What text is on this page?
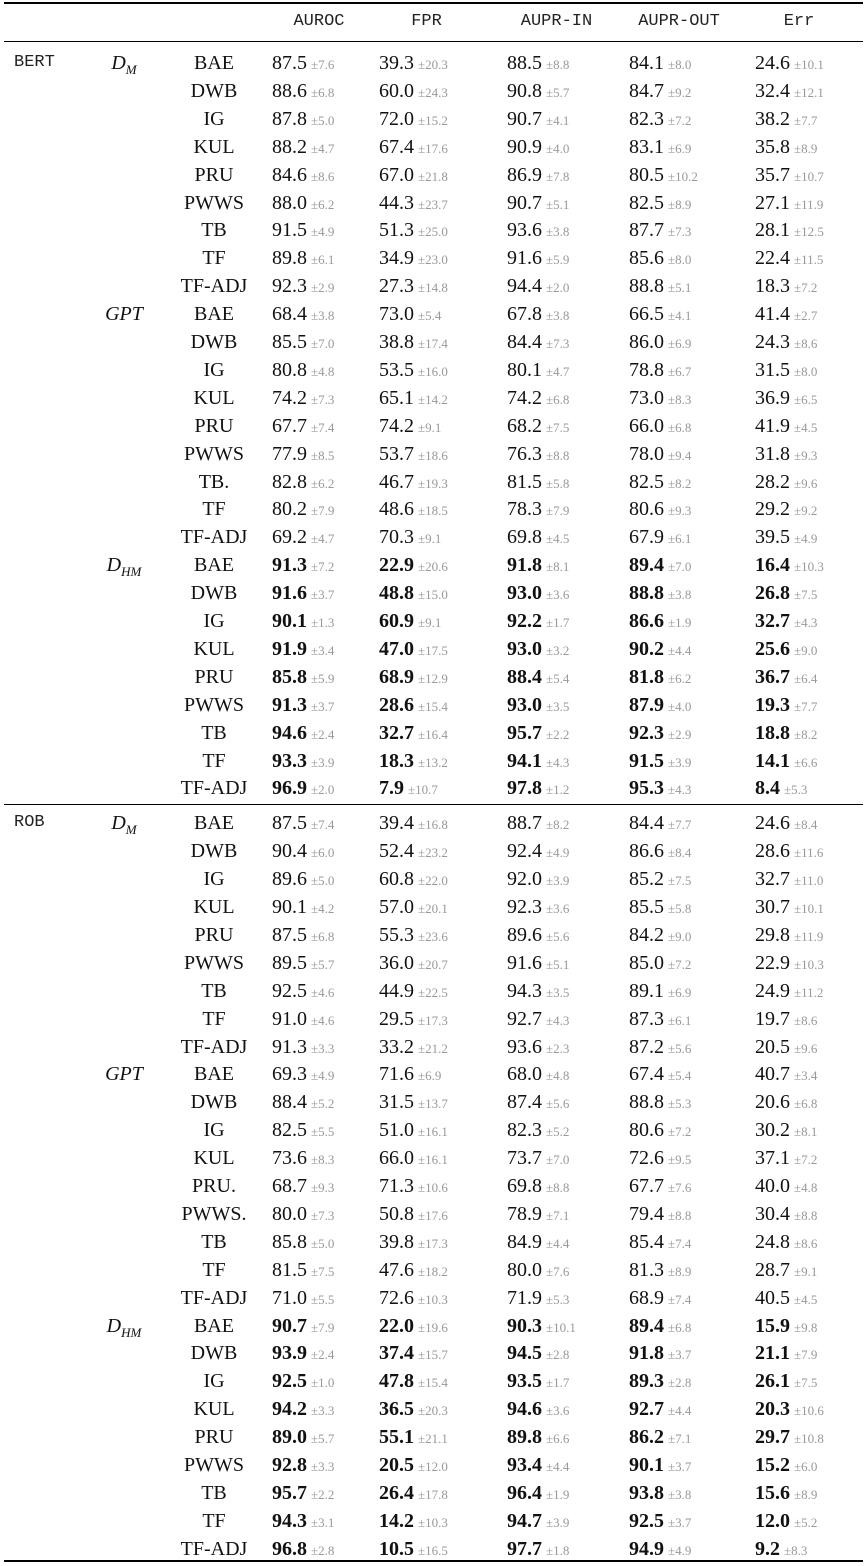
AUROC	FPR	AUPR-IN	AUPR-OUT	Err
BERT	$D_M$	BAE	87.5 ±7.6	39.3 ±20.3	88.5 ±8.8	84.1 ±8.0	24.6 ±10.1
DWB	88.6 ±6.8	60.0 ±24.3	90.8 ±5.7	84.7 ±9.2	32.4 ±12.1
IG	87.8 ±5.0	72.0 ±15.2	90.7 ±4.1	82.3 ±7.2	38.2 ±7.7
KUL	88.2 ±4.7	67.4 ±17.6	90.9 ±4.0	83.1 ±6.9	35.8 ±8.9
PRU	84.6 ±8.6	67.0 ±21.8	86.9 ±7.8	80.5 ±10.2	35.7 ±10.7
PWWS	88.0 ±6.2	44.3 ±23.7	90.7 ±5.1	82.5 ±8.9	27.1 ±11.9
TB	91.5 ±4.9	51.3 ±25.0	93.6 ±3.8	87.7 ±7.3	28.1 ±12.5
TF	89.8 ±6.1	34.9 ±23.0	91.6 ±5.9	85.6 ±8.0	22.4 ±11.5
TF-ADJ	92.3 ±2.9	27.3 ±14.8	94.4 ±2.0	88.8 ±5.1	18.3 ±7.2
GPT	BAE	68.4 ±3.8	73.0 ±5.4	67.8 ±3.8	66.5 ±4.1	41.4 ±2.7
DWB	85.5 ±7.0	38.8 ±17.4	84.4 ±7.3	86.0 ±6.9	24.3 ±8.6
IG	80.8 ±4.8	53.5 ±16.0	80.1 ±4.7	78.8 ±6.7	31.5 ±8.0
KUL	74.2 ±7.3	65.1 ±14.2	74.2 ±6.8	73.0 ±8.3	36.9 ±6.5
PRU	67.7 ±7.4	74.2 ±9.1	68.2 ±7.5	66.0 ±6.8	41.9 ±4.5
PWWS	77.9 ±8.5	53.7 ±18.6	76.3 ±8.8	78.0 ±9.4	31.8 ±9.3
TB.	82.8 ±6.2	46.7 ±19.3	81.5 ±5.8	82.5 ±8.2	28.2 ±9.6
TF	80.2 ±7.9	48.6 ±18.5	78.3 ±7.9	80.6 ±9.3	29.2 ±9.2
TF-ADJ	69.2 ±4.7	70.3 ±9.1	69.8 ±4.5	67.9 ±6.1	39.5 ±4.9
$D_{HM}$	BAE	91.3 ±7.2	22.9 ±20.6	91.8 ±8.1	89.4 ±7.0	16.4 ±10.3
DWB	91.6 ±3.7	48.8 ±15.0	93.0 ±3.6	88.8 ±3.8	26.8 ±7.5
IG	90.1 ±1.3	60.9 ±9.1	92.2 ±1.7	86.6 ±1.9	32.7 ±4.3
KUL	91.9 ±3.4	47.0 ±17.5	93.0 ±3.2	90.2 ±4.4	25.6 ±9.0
PRU	85.8 ±5.9	68.9 ±12.9	88.4 ±5.4	81.8 ±6.2	36.7 ±6.4
PWWS	91.3 ±3.7	28.6 ±15.4	93.0 ±3.5	87.9 ±4.0	19.3 ±7.7
TB	94.6 ±2.4	32.7 ±16.4	95.7 ±2.2	92.3 ±2.9	18.8 ±8.2
TF	93.3 ±3.9	18.3 ±13.2	94.1 ±4.3	91.5 ±3.9	14.1 ±6.6
TF-ADJ	96.9 ±2.0	7.9 ±10.7	97.8 ±1.2	95.3 ±4.3	8.4 ±5.3
ROB	$D_M$	BAE	87.5 ±7.4	39.4 ±16.8	88.7 ±8.2	84.4 ±7.7	24.6 ±8.4
DWB	90.4 ±6.0	52.4 ±23.2	92.4 ±4.9	86.6 ±8.4	28.6 ±11.6
IG	89.6 ±5.0	60.8 ±22.0	92.0 ±3.9	85.2 ±7.5	32.7 ±11.0
KUL	90.1 ±4.2	57.0 ±20.1	92.3 ±3.6	85.5 ±5.8	30.7 ±10.1
PRU	87.5 ±6.8	55.3 ±23.6	89.6 ±5.6	84.2 ±9.0	29.8 ±11.9
PWWS	89.5 ±5.7	36.0 ±20.7	91.6 ±5.1	85.0 ±7.2	22.9 ±10.3
TB	92.5 ±4.6	44.9 ±22.5	94.3 ±3.5	89.1 ±6.9	24.9 ±11.2
TF	91.0 ±4.6	29.5 ±17.3	92.7 ±4.3	87.3 ±6.1	19.7 ±8.6
TF-ADJ	91.3 ±3.3	33.2 ±21.2	93.6 ±2.3	87.2 ±5.6	20.5 ±9.6
GPT	BAE	69.3 ±4.9	71.6 ±6.9	68.0 ±4.8	67.4 ±5.4	40.7 ±3.4
DWB	88.4 ±5.2	31.5 ±13.7	87.4 ±5.6	88.8 ±5.3	20.6 ±6.8
IG	82.5 ±5.5	51.0 ±16.1	82.3 ±5.2	80.6 ±7.2	30.2 ±8.1
KUL	73.6 ±8.3	66.0 ±16.1	73.7 ±7.0	72.6 ±9.5	37.1 ±7.2
PRU.	68.7 ±9.3	71.3 ±10.6	69.8 ±8.8	67.7 ±7.6	40.0 ±4.8
PWWS.	80.0 ±7.3	50.8 ±17.6	78.9 ±7.1	79.4 ±8.8	30.4 ±8.8
TB	85.8 ±5.0	39.8 ±17.3	84.9 ±4.4	85.4 ±7.4	24.8 ±8.6
TF	81.5 ±7.5	47.6 ±18.2	80.0 ±7.6	81.3 ±8.9	28.7 ±9.1
TF-ADJ	71.0 ±5.5	72.6 ±10.3	71.9 ±5.3	68.9 ±7.4	40.5 ±4.5
$D_{HM}$	BAE	90.7 ±7.9	22.0 ±19.6	90.3 ±10.1	89.4 ±6.8	15.9 ±9.8
DWB	93.9 ±2.4	37.4 ±15.7	94.5 ±2.8	91.8 ±3.7	21.1 ±7.9
IG	92.5 ±1.0	47.8 ±15.4	93.5 ±1.7	89.3 ±2.8	26.1 ±7.5
KUL	94.2 ±3.3	36.5 ±20.3	94.6 ±3.6	92.7 ±4.4	20.3 ±10.6
PRU	89.0 ±5.7	55.1 ±21.1	89.8 ±6.6	86.2 ±7.1	29.7 ±10.8
PWWS	92.8 ±3.3	20.5 ±12.0	93.4 ±4.4	90.1 ±3.7	15.2 ±6.0
TB	95.7 ±2.2	26.4 ±17.8	96.4 ±1.9	93.8 ±3.8	15.6 ±8.9
TF	94.3 ±3.1	14.2 ±10.3	94.7 ±3.9	92.5 ±3.7	12.0 ±5.2
TF-ADJ	96.8 ±2.8	10.5 ±16.5	97.7 ±1.8	94.9 ±4.9	9.2 ±8.3
